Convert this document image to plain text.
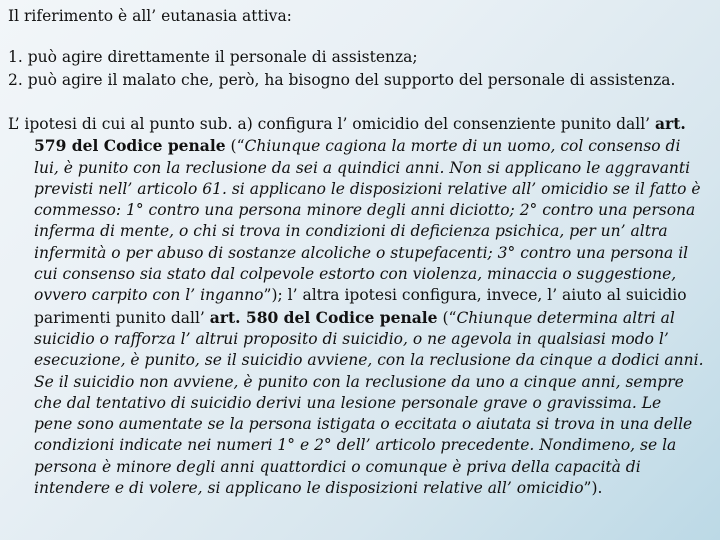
Il riferimento è all’ eutanasia attiva:
1. può agire direttamente il personale di assistenza;
2. può agire il malato che, però, ha bisogno del supporto del personale di assistenza.
L’ ipotesi di cui al punto sub. a) configura l’ omicidio del consenziente punito dall’ art.
579 del Codice penale (“Chiunque cagiona la morte di un uomo, col consenso di
lui, è punito con la reclusione da sei a quindici anni. Non si applicano le aggravanti
previsti nell’ articolo 61. si applicano le disposizioni relative all’ omicidio se il fatto è
commesso: 1° contro una persona minore degli anni diciotto; 2° contro una persona
inferma di mente, o chi si trova in condizioni di deficienza psichica, per un’ altra
infermità o per abuso di sostanze alcoliche o stupefacenti; 3° contro una persona il
cui consenso sia stato dal colpevole estorto con violenza, minaccia o suggestione,
ovvero carpito con l’ inganno”); l’ altra ipotesi configura, invece, l’ aiuto al suicidio
parimenti punito dall’ art. 580 del Codice penale (“Chiunque determina altri al
suicidio o rafforza l’ altrui proposito di suicidio, o ne agevola in qualsiasi modo l’
esecuzione, è punito, se il suicidio avviene, con la reclusione da cinque a dodici anni.
Se il suicidio non avviene, è punito con la reclusione da uno a cinque anni, sempre
che dal tentativo di suicidio derivi una lesione personale grave o gravissima. Le
pene sono aumentate se la persona istigata o eccitata o aiutata si trova in una delle
condizioni indicate nei numeri 1° e 2° dell’ articolo precedente. Nondimeno, se la
persona è minore degli anni quattordici o comunque è priva della capacità di
intendere e di volere, si applicano le disposizioni relative all’ omicidio”).
